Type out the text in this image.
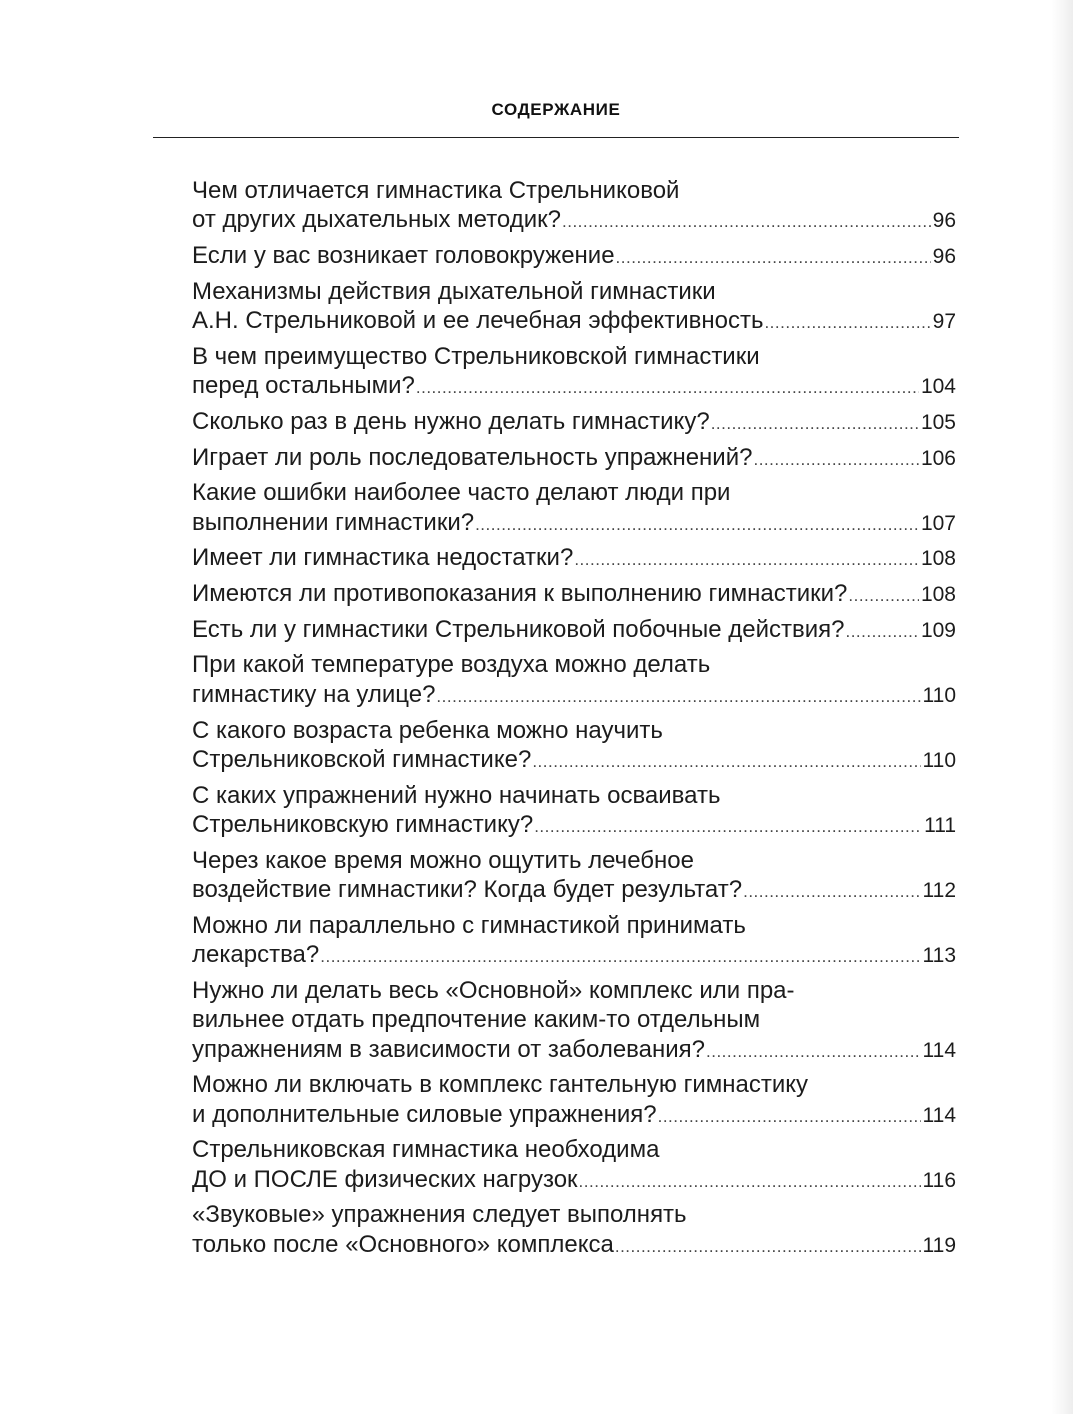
СОДЕРЖАНИЕ
Чем отличается гимнастика Стрельниковой
от других дыхательных методик? .....	96
Если у вас возникает головокружение .....	96
Механизмы действия дыхательной гимнастики
А.Н. Стрельниковой и ее лечебная эффективность .....	97
В чем преимущество Стрельниковской гимнастики
перед остальными? .....	104
Сколько раз в день нужно делать гимнастику? .....	105
Играет ли роль последовательность упражнений? .....	106
Какие ошибки наиболее часто делают люди при
выполнении гимнастики? .....	107
Имеет ли гимнастика недостатки? .....	108
Имеются ли противопоказания к выполнению гимнастики? .....	108
Есть ли у гимнастики Стрельниковой побочные действия? .....	109
При какой температуре воздуха можно делать
гимнастику на улице? .....	110
С какого возраста ребенка можно научить
Стрельниковской гимнастике? .....	110
С каких упражнений нужно начинать осваивать
Стрельниковскую гимнастику? .....	111
Через какое время можно ощутить лечебное
воздействие гимнастики? Когда будет результат? .....	112
Можно ли параллельно с гимнастикой принимать
лекарства? .....	113
Нужно ли делать весь «Основной» комплекс или пра-
вильнее отдать предпочтение каким-то отдельным
упражнениям в зависимости от заболевания? .....	114
Можно ли включать в комплекс гантельную гимнастику
и дополнительные силовые упражнения? .....	114
Стрельниковская гимнастика необходима
ДО и ПОСЛЕ физических нагрузок .....	116
«Звуковые» упражнения следует выполнять
только после «Основного» комплекса .....	119
